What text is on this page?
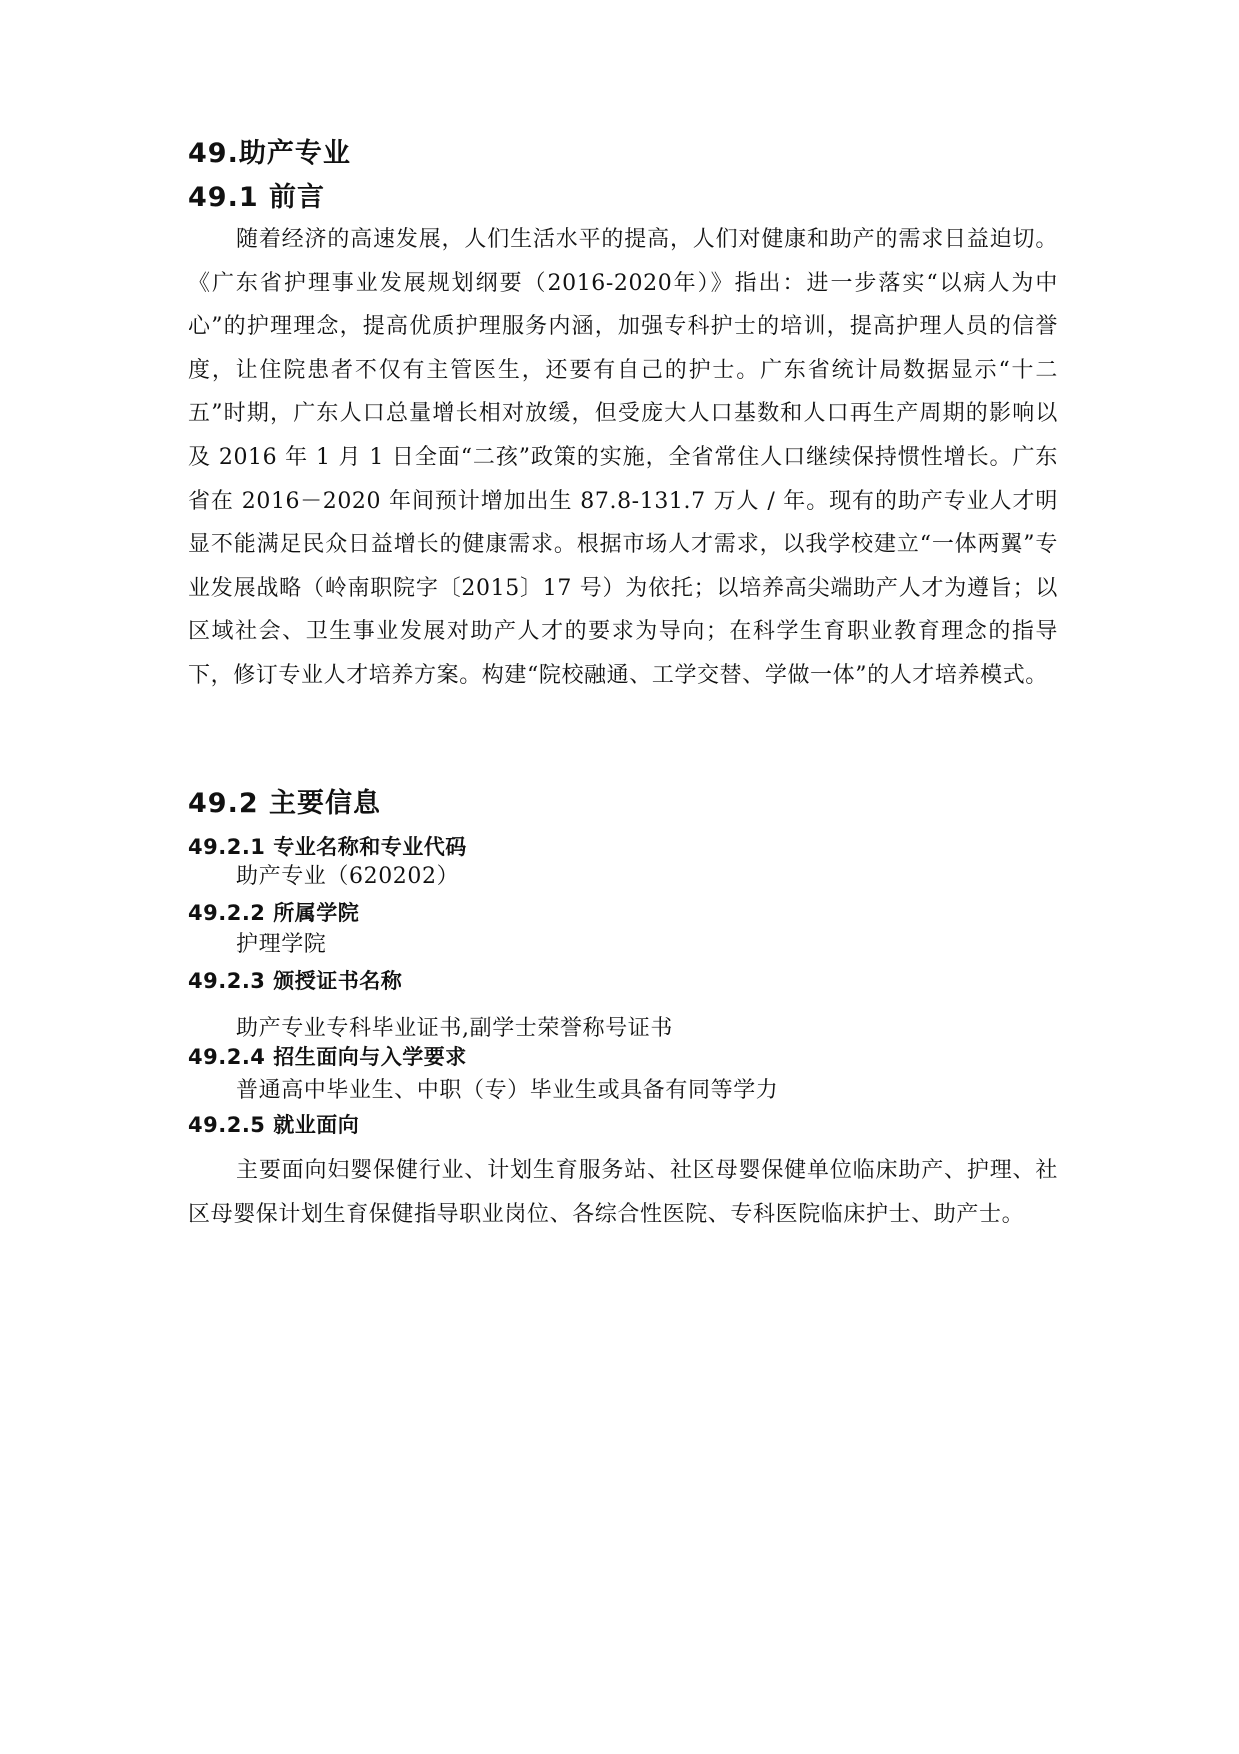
49.助产专业
49.1 前言

随着经济的高速发展，人们生活水平的提高，人们对健康和助产的需求日益迫切。《广东省护理事业发展规划纲要（2016-2020年）》指出：进一步落实“以病人为中心”的护理理念，提高优质护理服务内涵，加强专科护士的培训，提高护理人员的信誉度，让住院患者不仅有主管医生，还要有自己的护士。广东省统计局数据显示“十二五”时期，广东人口总量增长相对放缓，但受庞大人口基数和人口再生产周期的影响以及 2016 年 1 月 1 日全面“二孩”政策的实施，全省常住人口继续保持惯性增长。广东省在 2016－2020 年间预计增加出生 87.8-131.7 万人 / 年。现有的助产专业人才明显不能满足民众日益增长的健康需求。根据市场人才需求，以我学校建立“一体两翼”专业发展战略（岭南职院字〔2015〕17 号）为依托；以培养高尖端助产人才为遵旨；以区域社会、卫生事业发展对助产人才的要求为导向；在科学生育职业教育理念的指导下，修订专业人才培养方案。构建“院校融通、工学交替、学做一体”的人才培养模式。

49.2 主要信息
49.2.1 专业名称和专业代码
助产专业（620202）
49.2.2 所属学院
护理学院
49.2.3 颁授证书名称
助产专业专科毕业证书,副学士荣誉称号证书
49.2.4 招生面向与入学要求
普通高中毕业生、中职（专）毕业生或具备有同等学力
49.2.5 就业面向

主要面向妇婴保健行业、计划生育服务站、社区母婴保健单位临床助产、护理、社区母婴保计划生育保健指导职业岗位、各综合性医院、专科医院临床护士、助产士。
